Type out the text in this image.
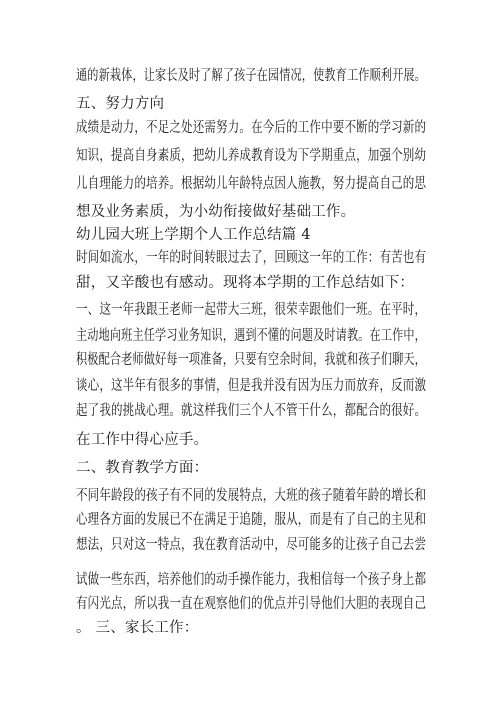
通的新栽体，让家长及时了解了孩子在园情况，使教育工作顺利开展。
五、努力方向
成绩是动力，不足之处还需努力。在今后的工作中要不断的学习新的
知识，提高自身素质，把幼儿养成教育设为下学期重点，加强个别幼
儿自理能力的培养。根据幼儿年龄特点因人施教，努力提高自己的思
想及业务素质，为小幼衔接做好基础工作。
幼儿园大班上学期个人工作总结篇 4
时间如流水，一年的时间转眼过去了，回顾这一年的工作：有苦也有
甜，又辛酸也有感动。现将本学期的工作总结如下：
一、这一年我跟王老师一起带大三班，很荣幸跟他们一班。在平时，
主动地向班主任学习业务知识，遇到不懂的问题及时请教。在工作中，
积极配合老师做好每一项准备，只要有空余时间，我就和孩子们聊天，
谈心，这半年有很多的事情，但是我并没有因为压力而放弃，反而激
起了我的挑战心理。就这样我们三个人不管干什么，都配合的很好。
在工作中得心应手。
二、教育教学方面：
不同年龄段的孩子有不同的发展特点，大班的孩子随着年龄的增长和
心理各方面的发展已不在满足于追随，服从，而是有了自己的主见和
想法，只对这一特点，我在教育活动中，尽可能多的让孩子自己去尝
试做一些东西，培养他们的动手操作能力，我相信每一个孩子身上都
有闪光点，所以我一直在观察他们的优点并引导他们大胆的表现自己
。 三、家长工作：
